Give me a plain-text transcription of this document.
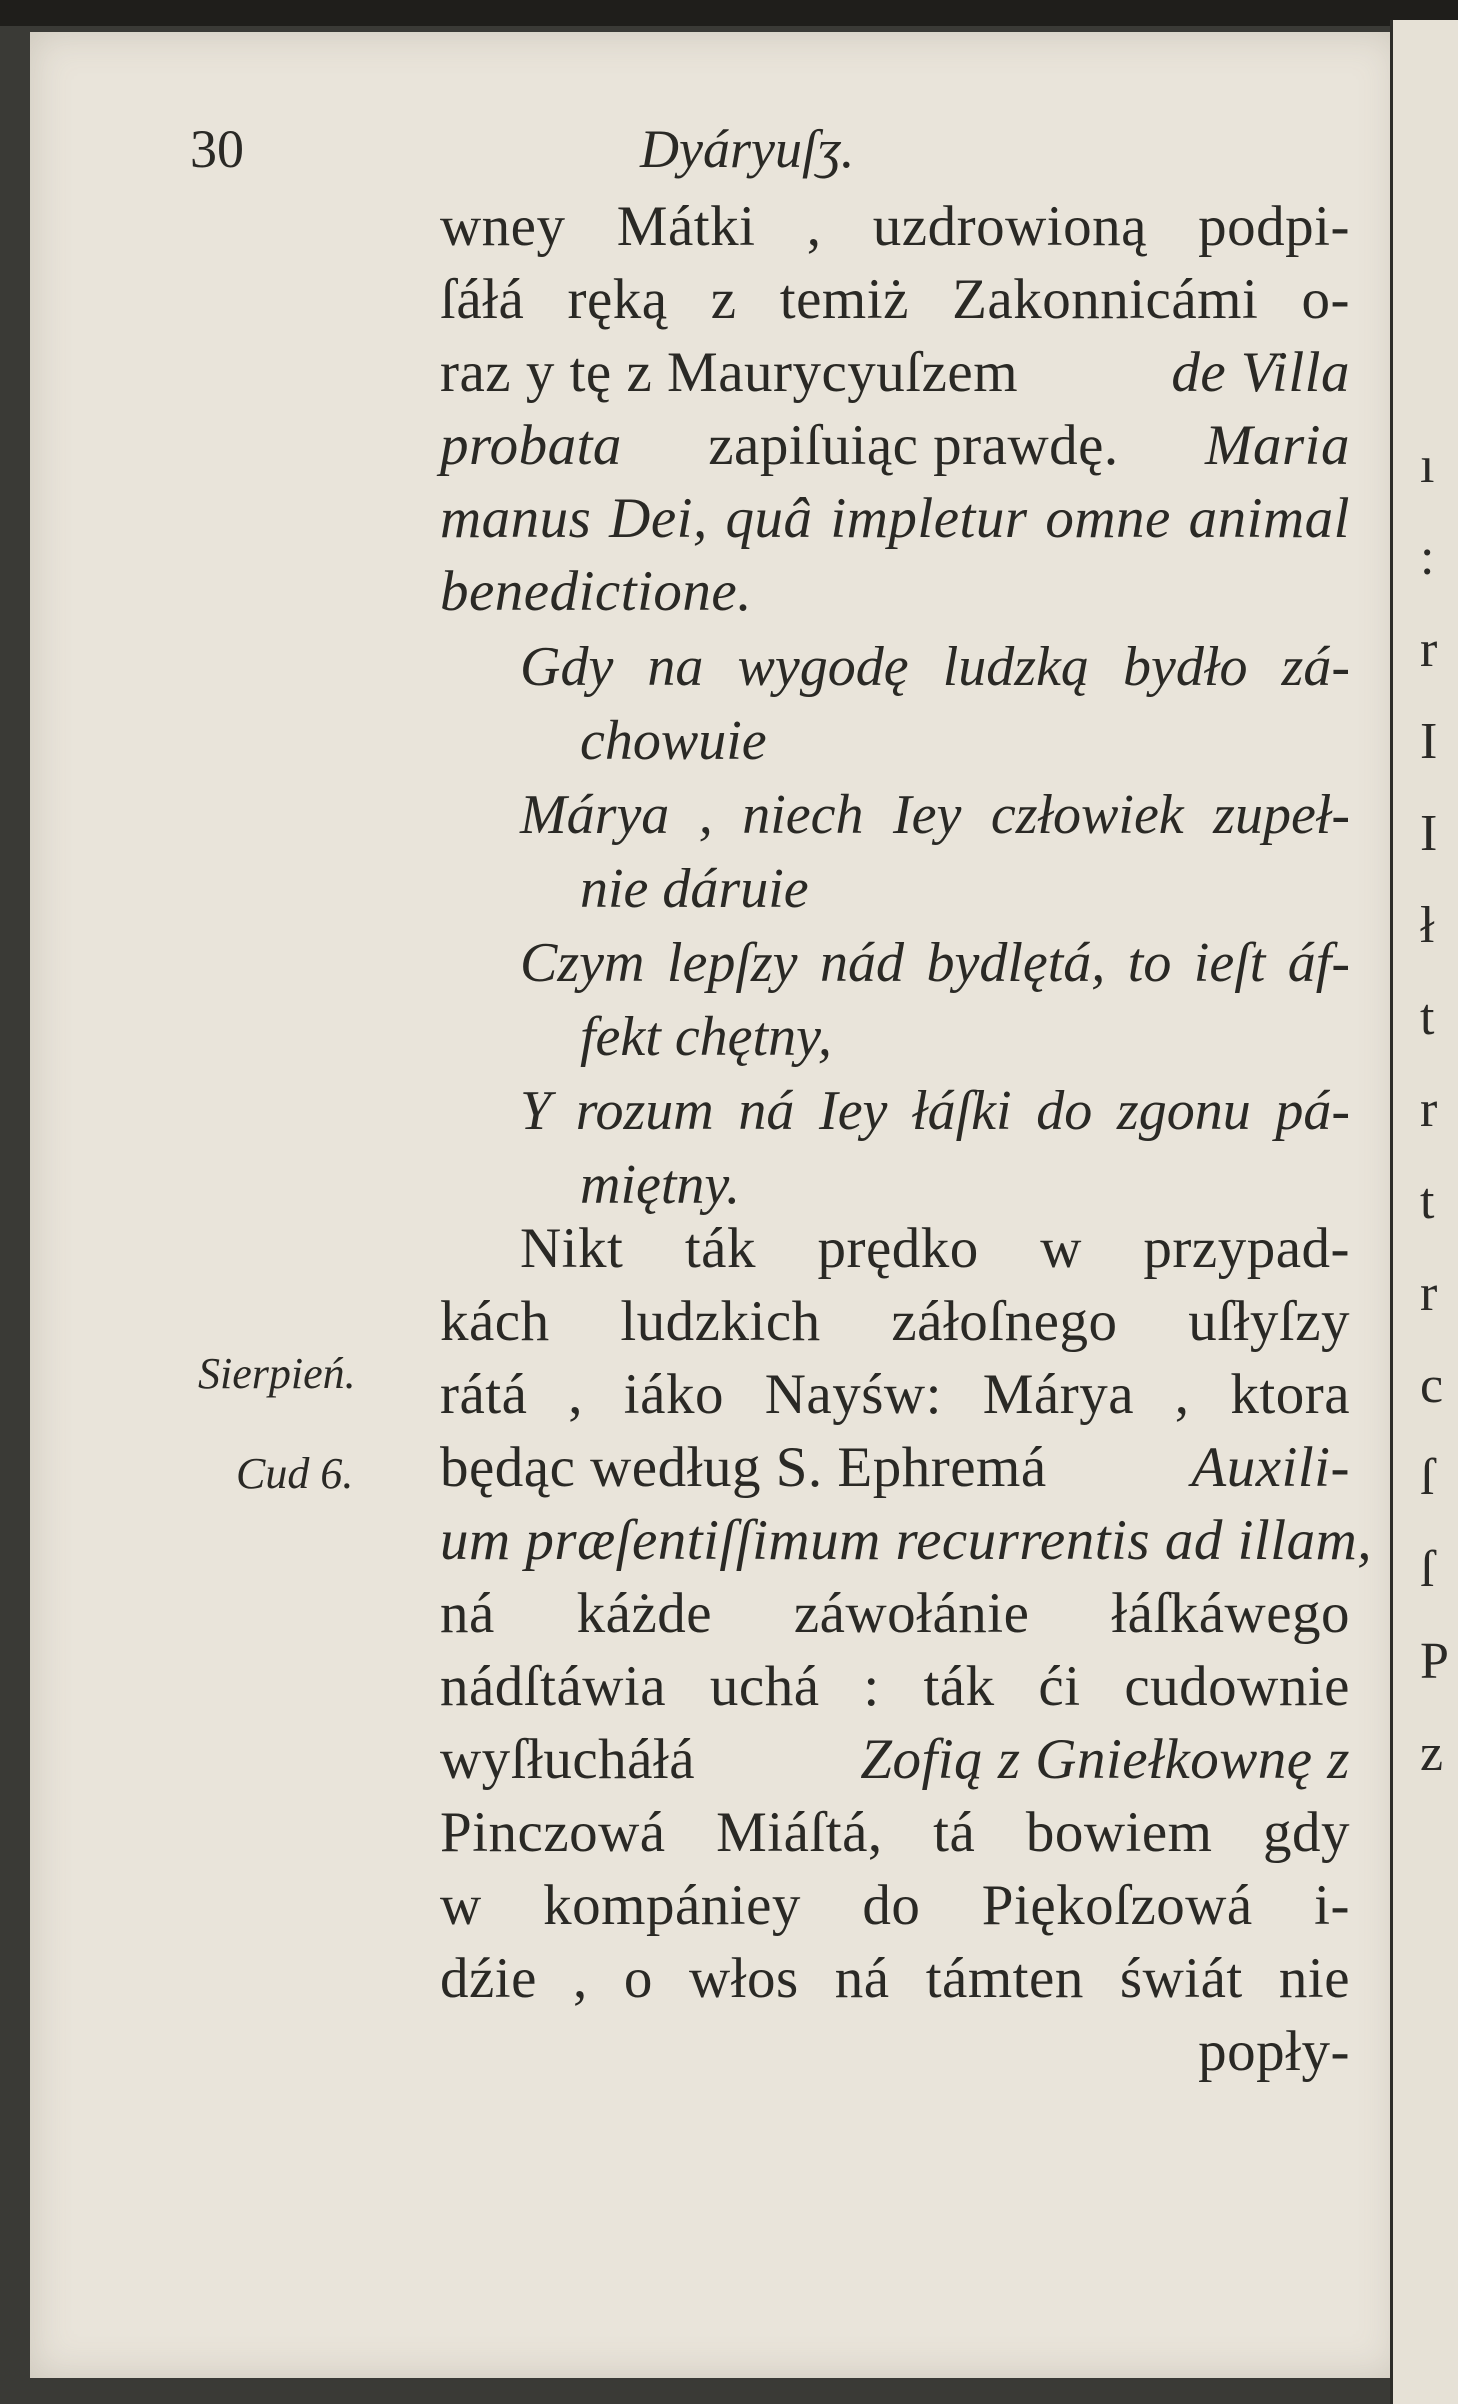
ı
:
r
I
I
ł
t
r
t
r
c
ſ
ſ
P
z
30	Dyáryuſʒ.
wney Mátki , uzdrowioną podpi-
ſáłá ręką z temiż Zakonnicámi o-
raz y tę z Maurycyuſzem	de Villa
probata zapiſuiąc prawdę. Maria
manus Dei, quâ impletur omne animal
benedictione.
Gdy na wygodę ludzką bydło zá-
chowuie
Márya , niech Iey człowiek zupeł-
nie dáruie
Czym lepſzy nád bydlętá, to ieſt áf-
fekt chętny,
Y rozum ná Iey łáſki do zgonu pá-
miętny.
Nikt ták prędko w przypad-
kách ludzkich záłoſnego uſłyſzy
rátá , iáko Nayśw: Márya , ktora
będąc według S. Ephremá	Auxili-
um præſentiſſimum recurrentis ad illam,
ná káżde záwołánie łáſkáwego
nádſtáwia uchá : ták ći cudownie
wyſłucháłá	Zofią z Gniełkownę z
Pinczowá Miáſtá, tá bowiem gdy
w kompániey do Piękoſzowá i-
dźie , o włos ná támten świát nie
popły-
Sierpień.
Cud 6.
